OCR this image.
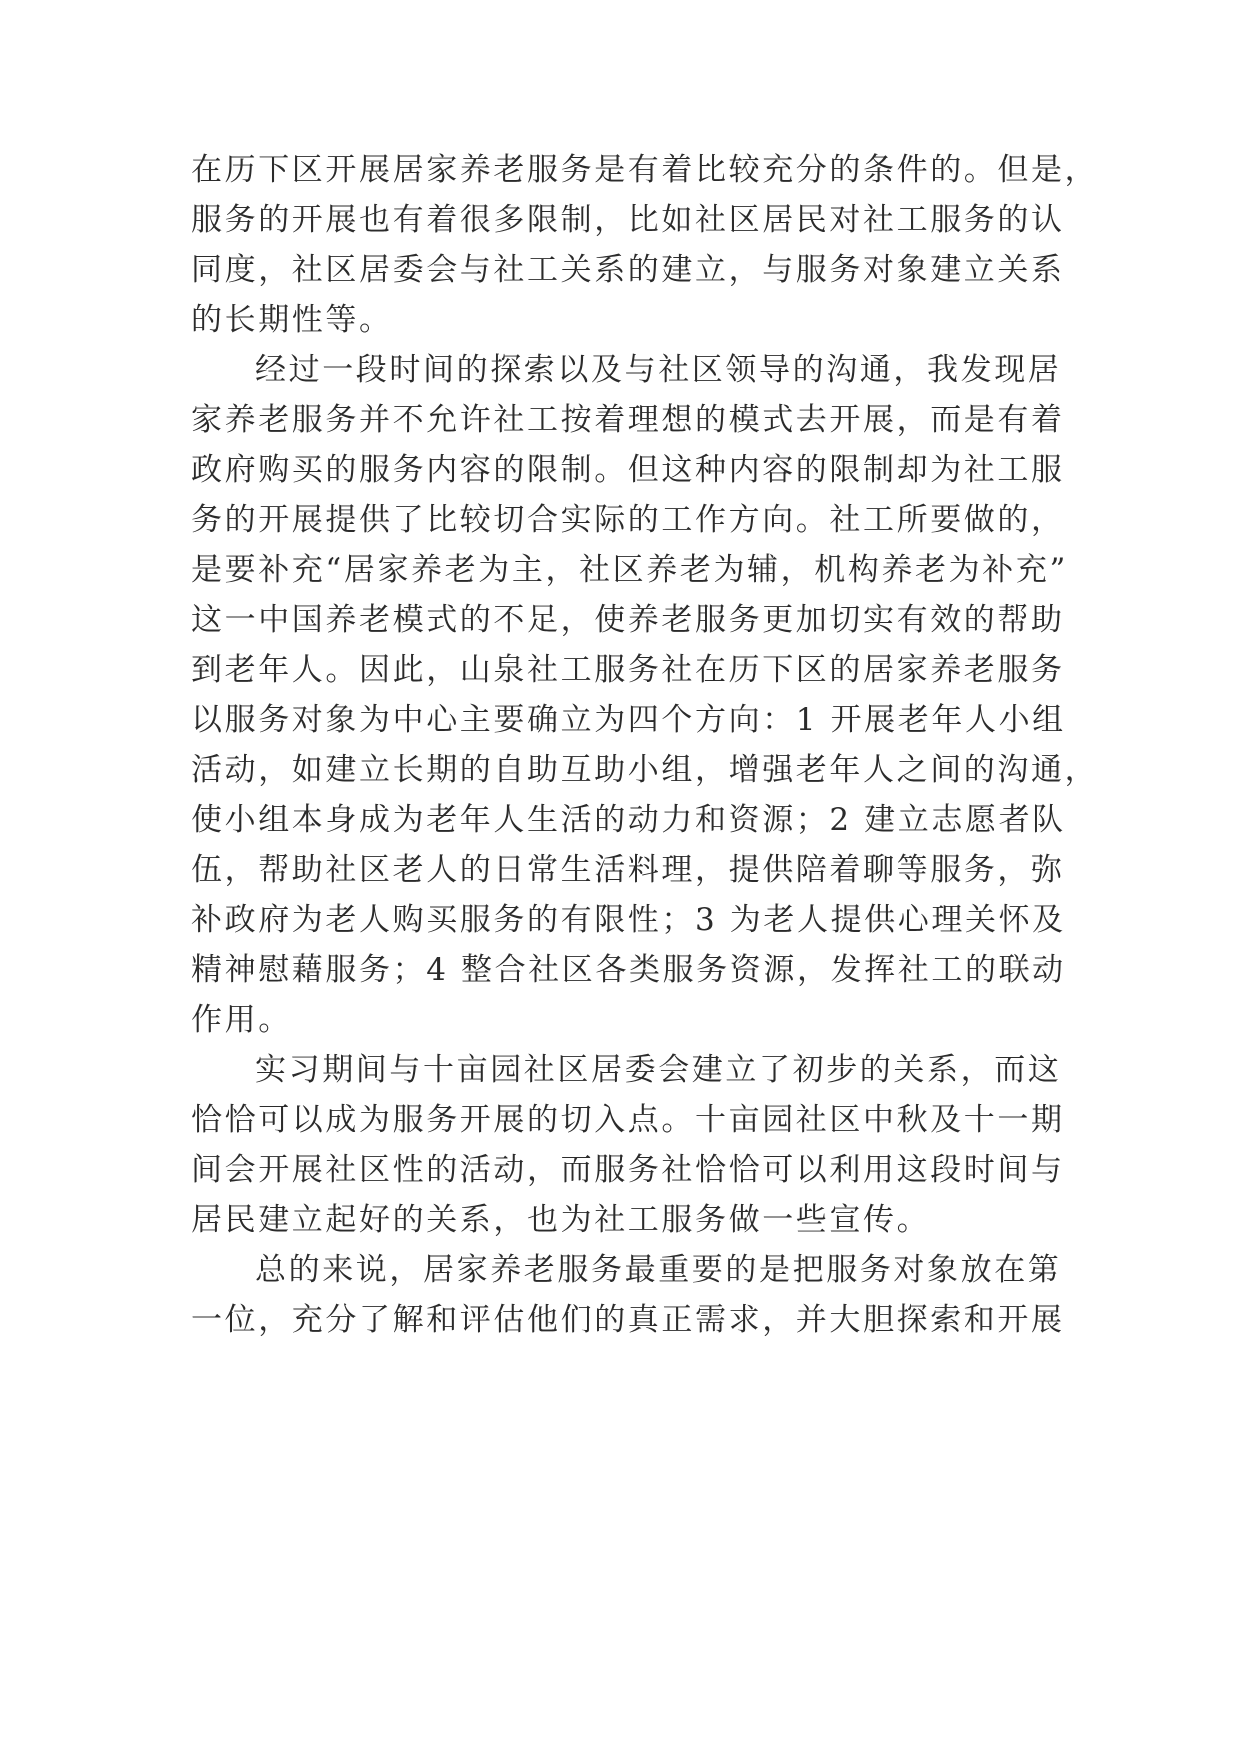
在历下区开展居家养老服务是有着比较充分的条件的。但是，
服务的开展也有着很多限制，比如社区居民对社工服务的认
同度，社区居委会与社工关系的建立，与服务对象建立关系
的长期性等。
经过一段时间的探索以及与社区领导的沟通，我发现居
家养老服务并不允许社工按着理想的模式去开展，而是有着
政府购买的服务内容的限制。但这种内容的限制却为社工服
务的开展提供了比较切合实际的工作方向。社工所要做的，
是要补充“居家养老为主，社区养老为辅，机构养老为补充”
这一中国养老模式的不足，使养老服务更加切实有效的帮助
到老年人。因此，山泉社工服务社在历下区的居家养老服务
以服务对象为中心主要确立为四个方向：1 开展老年人小组
活动，如建立长期的自助互助小组，增强老年人之间的沟通，
使小组本身成为老年人生活的动力和资源；2 建立志愿者队
伍，帮助社区老人的日常生活料理，提供陪着聊等服务，弥
补政府为老人购买服务的有限性；3 为老人提供心理关怀及
精神慰藉服务；4 整合社区各类服务资源，发挥社工的联动
作用。
实习期间与十亩园社区居委会建立了初步的关系，而这
恰恰可以成为服务开展的切入点。十亩园社区中秋及十一期
间会开展社区性的活动，而服务社恰恰可以利用这段时间与
居民建立起好的关系，也为社工服务做一些宣传。
总的来说，居家养老服务最重要的是把服务对象放在第
一位，充分了解和评估他们的真正需求，并大胆探索和开展
